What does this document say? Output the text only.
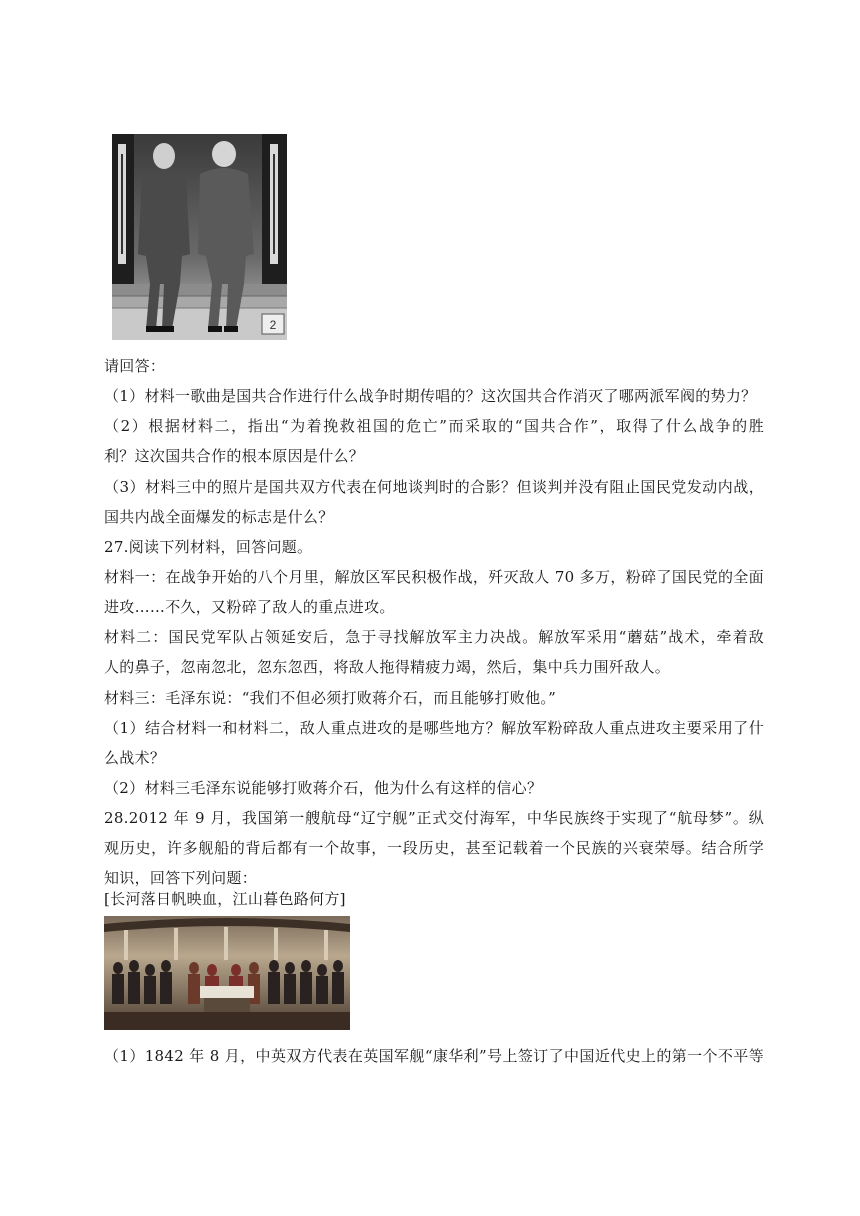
2
请回答：
（1）材料一歌曲是国共合作进行什么战争时期传唱的？这次国共合作消灭了哪两派军阀的势力？
（2）根据材料二，指出“为着挽救祖国的危亡”而采取的“国共合作”，取得了什么战争的胜
利？这次国共合作的根本原因是什么？
（3）材料三中的照片是国共双方代表在何地谈判时的合影？但谈判并没有阻止国民党发动内战，
国共内战全面爆发的标志是什么？
27.阅读下列材料，回答问题。
材料一：在战争开始的八个月里，解放区军民积极作战，歼灭敌人 70 多万，粉碎了国民党的全面
进攻……不久，又粉碎了敌人的重点进攻。
材料二：国民党军队占领延安后，急于寻找解放军主力决战。解放军采用“蘑菇”战术，牵着敌
人的鼻子，忽南忽北，忽东忽西，将敌人拖得精疲力竭，然后，集中兵力围歼敌人。
材料三：毛泽东说：“我们不但必须打败蒋介石，而且能够打败他。”
（1）结合材料一和材料二，敌人重点进攻的是哪些地方？解放军粉碎敌人重点进攻主要采用了什
么战术？
（2）材料三毛泽东说能够打败蒋介石，他为什么有这样的信心？
28.2012 年 9 月，我国第一艘航母“辽宁舰”正式交付海军，中华民族终于实现了“航母梦”。纵
观历史，许多舰船的背后都有一个故事，一段历史，甚至记载着一个民族的兴衰荣辱。结合所学
知识，回答下列问题：
[长河落日帆映血，江山暮色路何方]
（1）1842 年 8 月，中英双方代表在英国军舰“康华利”号上签订了中国近代史上的第一个不平等
